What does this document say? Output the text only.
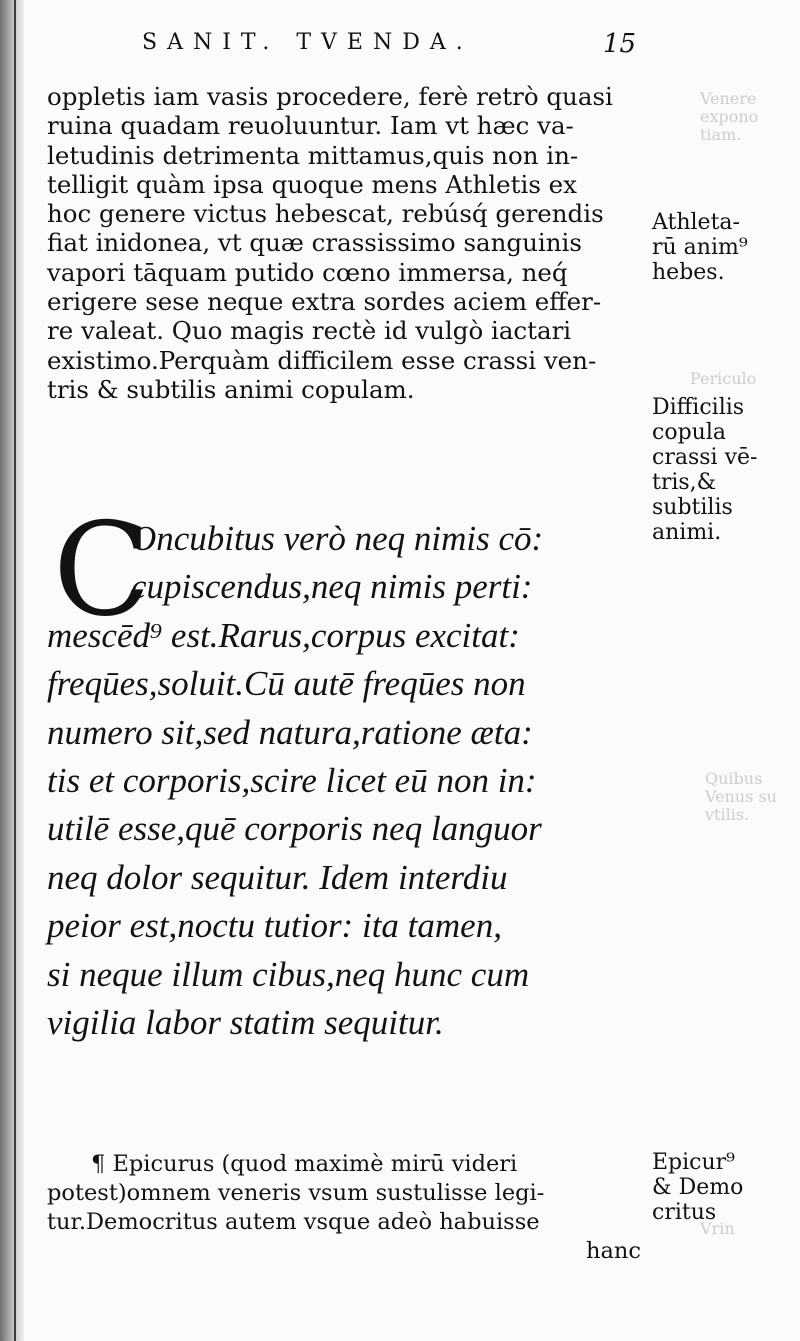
Venere
expono
tiam.
Periculo
Quibus
Venus su
vtilis.
Vrin
SANIT. TVENDA.	15
oppletis iam vasis procedere, ferè retrò quasi
ruina quadam reuoluuntur. Iam vt hæc va-
letudinis detrimenta mittamus,quis non in-
telligit quàm ipsa quoque mens Athletis ex
hoc genere victus hebescat, rebúsq́ gerendis
fiat inidonea, vt quæ crassissimo sanguinis
vapori tāquam putido cœno immersa, neq́
erigere sese neque extra sordes aciem effer-
re valeat. Quo magis rectè id vulgò iactari
existimo.Perquàm difficilem esse crassi ven-
tris & subtilis animi copulam.
C
Oncubitus verò neq nimis cō:
cupiscendus,neq nimis perti:
mescēd⁹ est.Rarus,corpus excitat:
freqūes,soluit.Cū autē freqūes non
numero sit,sed natura,ratione æta:
tis et corporis,scire licet eū non in:
utilē esse,quē corporis neq languor
neq dolor sequitur. Idem interdiu
peior est,noctu tutior: ita tamen,
si neque illum cibus,neq hunc cum
vigilia labor statim sequitur.
¶ Epicurus (quod maximè mirū videri
potest)omnem veneris vsum sustulisse legi-
tur.Democritus autem vsque adeò habuisse
hanc
Athleta-
rū anim⁹
hebes.
Difficilis
copula
crassi vē-
tris,&
subtilis
animi.
Epicur⁹
& Demo
critus
